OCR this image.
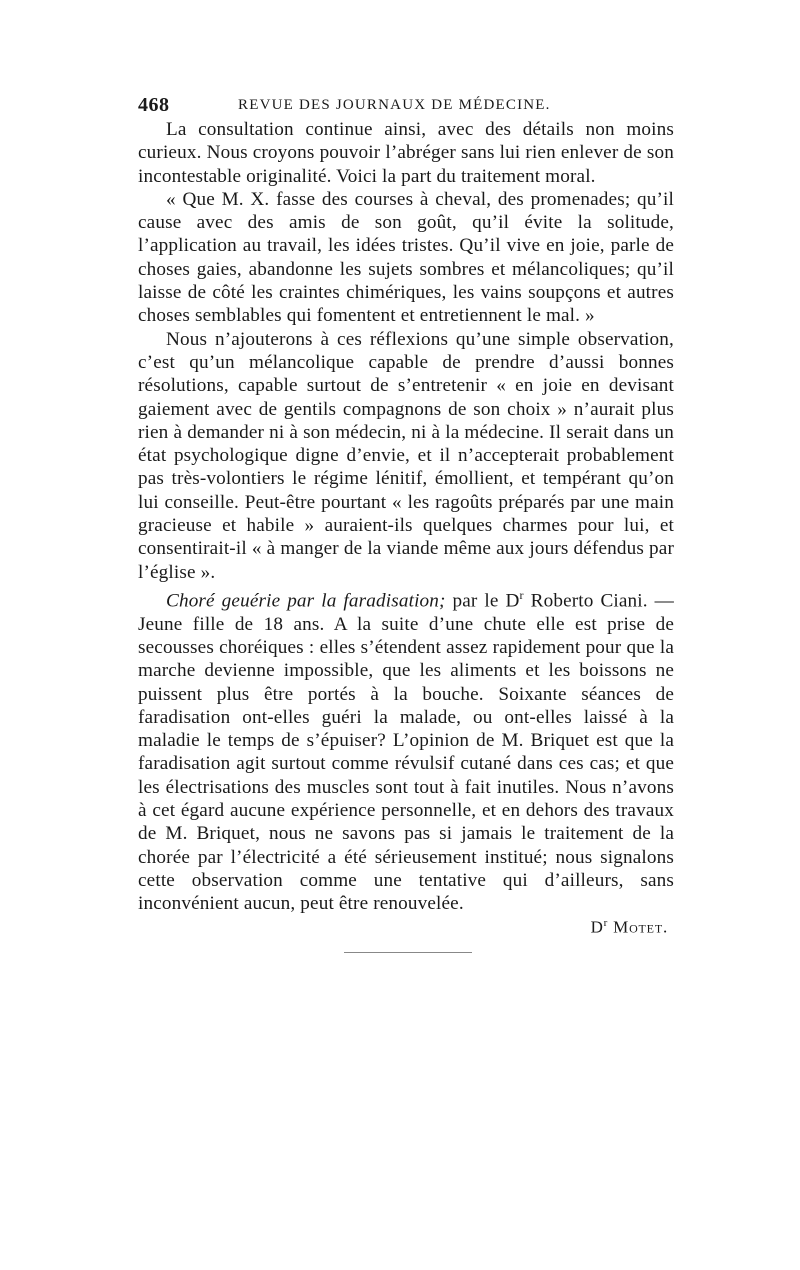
468	REVUE DES JOURNAUX DE MÉDECINE.

La consultation continue ainsi, avec des détails non moins curieux. Nous croyons pouvoir l’abréger sans lui rien enlever de son incontestable originalité. Voici la part du traitement moral.

« Que M. X. fasse des courses à cheval, des promenades; qu’il cause avec des amis de son goût, qu’il évite la solitude, l’application au travail, les idées tristes. Qu’il vive en joie, parle de choses gaies, abandonne les sujets sombres et mélancoliques; qu’il laisse de côté les craintes chimériques, les vains soupçons et autres choses semblables qui fomentent et entretiennent le mal. »

Nous n’ajouterons à ces réflexions qu’une simple observation, c’est qu’un mélancolique capable de prendre d’aussi bonnes résolutions, capable surtout de s’entretenir « en joie en devisant gaiement avec de gentils compagnons de son choix » n’aurait plus rien à demander ni à son médecin, ni à la médecine. Il serait dans un état psychologique digne d’envie, et il n’accepterait probablement pas très-volontiers le régime lénitif, émollient, et tempérant qu’on lui conseille. Peut-être pourtant « les ragoûts préparés par une main gracieuse et habile » auraient-ils quelques charmes pour lui, et consentirait-il « à manger de la viande même aux jours défendus par l’église ».

Choré geuérie par la faradisation; par le $D^r$ Roberto Ciani. — Jeune fille de 18 ans. A la suite d’une chute elle est prise de secousses choréiques : elles s’étendent assez rapidement pour que la marche devienne impossible, que les aliments et les boissons ne puissent plus être portés à la bouche. Soixante séances de faradisation ont-elles guéri la malade, ou ont-elles laissé à la maladie le temps de s’épuiser? L’opinion de M. Briquet est que la faradisation agit surtout comme révulsif cutané dans ces cas; et que les électrisations des muscles sont tout à fait inutiles. Nous n’avons à cet égard aucune expérience personnelle, et en dehors des travaux de M. Briquet, nous ne savons pas si jamais le traitement de la chorée par l’électricité a été sérieusement institué; nous signalons cette observation comme une tentative qui d’ailleurs, sans inconvénient aucun, peut être renouvelée.

$D^r$ Motet.
